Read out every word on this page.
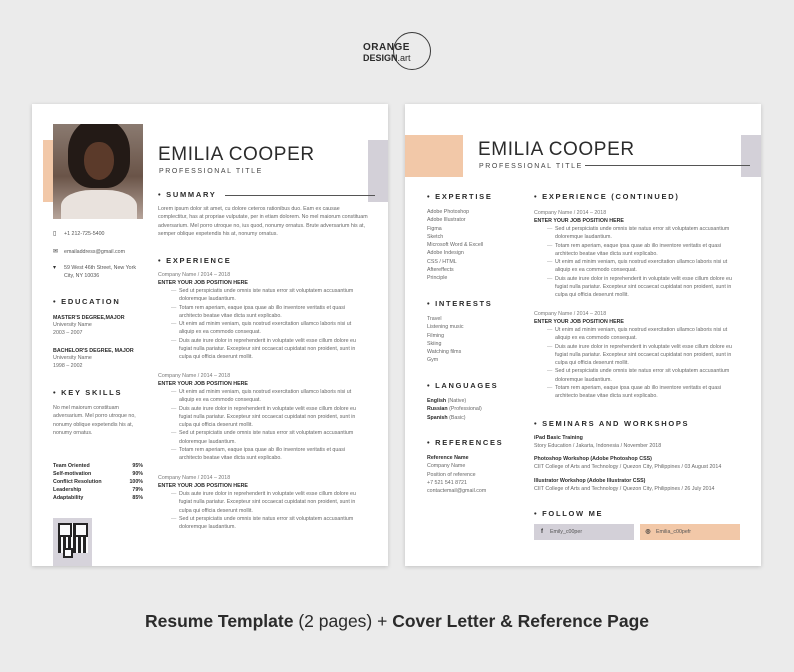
ORANGE
DESIGN.art
EMILIA COOPER
PROFESSIONAL TITLE
▯	+1 212-725-5400
✉	emailaddress@gmail.com
▾	59 West 46th Street, New York City, NY 10036
• EDUCATION
MASTER'S DEGREE,MAJOR
University Name
2003 – 2007
BACHELOR'S DEGREE, MAJOR
University Name
1998 – 2002
• KEY SKILLS
No mel maiorum constituam adversarium. Mel porro utroque no, nonumy oblique expetendis his at, nonumy ornatus.
Team Oriented	95%
Self-motivation	90%
Conflict Resolution	100%
Leadership	79%
Adaptability	85%
• SUMMARY
Lorem ipsum dolor sit amet, cu dolore ceteros rationibus duo. Eam ex causae complectitur, has at propriae vulputate, per in etiam dolorem. No mel maiorum constituam adversarium. Mel porro utroque no, ius quod, nonumy ornatus. Brute adversarium his at, semper oblique expetendis his at, nonumy ornatus.
• EXPERIENCE
Company Name / 2014 – 2018
ENTER YOUR JOB POSITION HERE
— Sed ut perspiciatis unde omnis iste natus error sit voluptatem accusantium doloremque laudantium.
— Totam rem aperiam, eaque ipsa quae ab illo inventore veritatis et quasi architecto beatae vitae dicta sunt explicabo.
— Ut enim ad minim veniam, quis nostrud exercitation ullamco laboris nisi ut aliquip ex ea commodo consequat.
— Duis aute irure dolor in reprehenderit in voluptate velit esse cillum dolore eu fugiat nulla pariatur. Excepteur sint occaecat cupidatat non proident, sunt in culpa qui officia deserunt mollit.
Company Name / 2014 – 2018
ENTER YOUR JOB POSITION HERE
— Ut enim ad minim veniam, quis nostrud exercitation ullamco laboris nisi ut aliquip ex ea commodo consequat.
— Duis aute irure dolor in reprehenderit in voluptate velit esse cillum dolore eu fugiat nulla pariatur. Excepteur sint occaecat cupidatat non proident, sunt in culpa qui officia deserunt mollit.
— Sed ut perspiciatis unde omnis iste natus error sit voluptatem accusantium doloremque laudantium.
— Totam rem aperiam, eaque ipsa quae ab illo inventore veritatis et quasi architecto beatae vitae dicta sunt explicabo.
Company Name / 2014 – 2018
ENTER YOUR JOB POSITION HERE
— Duis aute irure dolor in reprehenderit in voluptate velit esse cillum dolore eu fugiat nulla pariatur. Excepteur sint occaecat cupidatat non proident, sunt in culpa qui officia deserunt mollit.
— Sed ut perspiciatis unde omnis iste natus error sit voluptatem accusantium doloremque laudantium.
EMILIA COOPER
PROFESSIONAL TITLE
• EXPERTISE
Adobe Photoshop
Adobe Illustrator
Figma
Sketch
Microsoft Word & Excell
Adobe Indesign
CSS / HTML
Aftereffects
Principle
• INTERESTS
Travel
Listening music
Filming
Skiing
Watching films
Gym
• LANGUAGES
English (Native)
Russian (Professional)
Spanish (Basic)
• REFERENCES
Reference Name
Company Name
Position of reference
+7 521 541 8721
contactemail@gmail.com
• EXPERIENCE (CONTINUED)
Company Name / 2014 – 2018
ENTER YOUR JOB POSITION HERE
— Sed ut perspiciatis unde omnis iste natus error sit voluptatem accusantium doloremque laudantium.
— Totam rem aperiam, eaque ipsa quae ab illo inventore veritatis et quasi architecto beatae vitae dicta sunt explicabo.
— Ut enim ad minim veniam, quis nostrud exercitation ullamco laboris nisi ut aliquip ex ea commodo consequat.
— Duis aute irure dolor in reprehenderit in voluptate velit esse cillum dolore eu fugiat nulla pariatur. Excepteur sint occaecat cupidatat non proident, sunt in culpa qui officia deserunt mollit.
Company Name / 2014 – 2018
ENTER YOUR JOB POSITION HERE
— Ut enim ad minim veniam, quis nostrud exercitation ullamco laboris nisi ut aliquip ex ea commodo consequat.
— Duis aute irure dolor in reprehenderit in voluptate velit esse cillum dolore eu fugiat nulla pariatur. Excepteur sint occaecat cupidatat non proident, sunt in culpa qui officia deserunt mollit.
— Sed ut perspiciatis unde omnis iste natus error sit voluptatem accusantium doloremque laudantium.
— Totam rem aperiam, eaque ipsa quae ab illo inventore veritatis et quasi architecto beatae vitae dicta sunt explicabo.
• SEMINARS AND WORKSHOPS
iPad Basic Training
Story Education / Jakarta, Indonesia / November 2018
Photoshop Workshop (Adobe Photoshop CSS)
CIIT College of Arts and Technology / Quezon City, Philippines / 03 August 2014
Illustrator Workshop (Adobe Illustrator CSS)
CIIT College of Arts and Technology / Quezon City, Philippines / 26 July 2014
• FOLLOW ME
f Emily_c00per	◎ Emilia_c00pefr
Resume Template (2 pages) + Cover Letter & Reference Page
